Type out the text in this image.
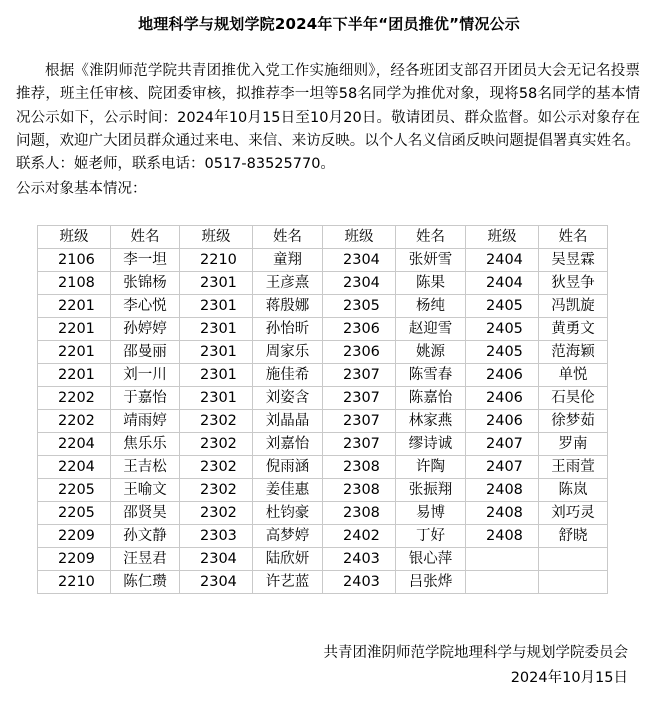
地理科学与规划学院2024年下半年“团员推优”情况公示

根据《淮阴师范学院共青团推优入党工作实施细则》，经各班团支部召开团员大会无记名投票推荐，班主任审核、院团委审核，拟推荐李一坦等58名同学为推优对象，现将58名同学的基本情况公示如下，公示时间：2024年10月15日至10月20日。敬请团员、群众监督。如公示对象存在问题，欢迎广大团员群众通过来电、来信、来访反映。以个人名义信函反映问题提倡署真实姓名。联系人：姬老师，联系电话：0517-83525770。

公示对象基本情况：
班级	姓名	班级	姓名	班级	姓名	班级	姓名
2106	李一坦	2210	童翔	2304	张妍雪	2404	吴昱霖
2108	张锦杨	2301	王彦熹	2304	陈果	2404	狄昱争
2201	李心悦	2301	蒋殷娜	2305	杨纯	2405	冯凯旋
2201	孙婷婷	2301	孙怡昕	2306	赵迎雪	2405	黄勇文
2201	邵曼丽	2301	周家乐	2306	姚源	2405	范海颖
2201	刘一川	2301	施佳希	2307	陈雪春	2406	单悦
2202	于嘉怡	2301	刘姿含	2307	陈嘉怡	2406	石昊伦
2202	靖雨婷	2302	刘晶晶	2307	林家燕	2406	徐梦茹
2204	焦乐乐	2302	刘嘉怡	2307	缪诗诚	2407	罗南
2204	王吉松	2302	倪雨涵	2308	许陶	2407	王雨萱
2205	王喻文	2302	姜佳惠	2308	张振翔	2408	陈岚
2205	邵贤昊	2302	杜钧豪	2308	易博	2408	刘巧灵
2209	孙文静	2303	高梦婷	2402	丁好	2408	舒晓
2209	汪昱君	2304	陆欣妍	2403	银心萍		
2210	陈仁瓒	2304	许艺蓝	2403	吕张烨		
共青团淮阴师范学院地理科学与规划学院委员会
2024年10月15日
